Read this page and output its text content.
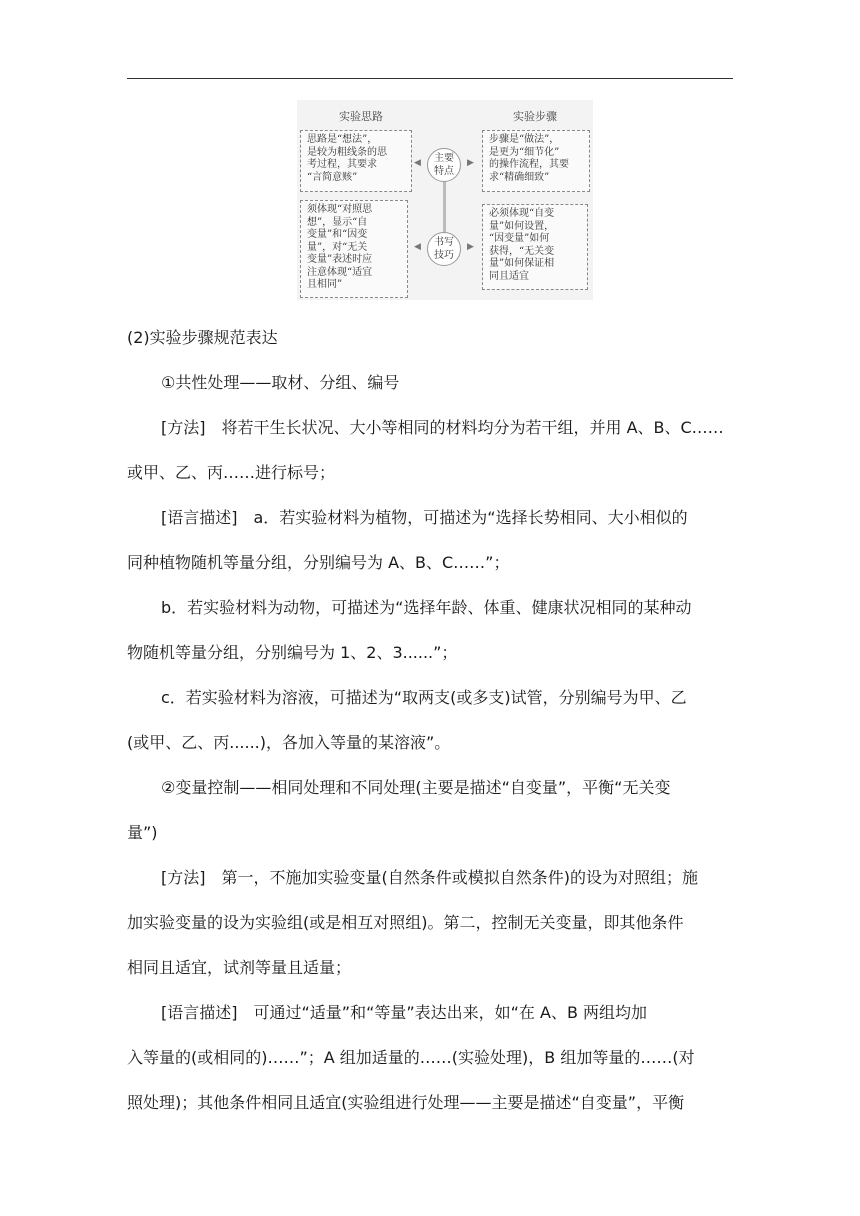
实验思路	实验步骤
思路是“想法”，
是较为粗线条的思
考过程，其要求
“言简意赅”
步骤是“做法”，
是更为“细节化”
的操作流程，其要
求“精确细致”
须体现“对照思
想”，显示“自
变量”和“因变
量”，对“无关
变量”表述时应
注意体现“适宜
且相同”
必须体现“自变
量”如何设置，
“因变量”如何
获得，“无关变
量”如何保证相
同且适宜
主要
特点
书写
技巧
◀	▶
◀	▶
(2)实验步骤规范表达
①共性处理——取材、分组、编号
[方法]　将若干生长状况、大小等相同的材料均分为若干组，并用 A、B、C……
或甲、乙、丙……进行标号；
[语言描述]　a．若实验材料为植物，可描述为“选择长势相同、大小相似的
同种植物随机等量分组，分别编号为 A、B、C……”；
b．若实验材料为动物，可描述为“选择年龄、体重、健康状况相同的某种动
物随机等量分组，分别编号为 1、2、3......”；
c．若实验材料为溶液，可描述为“取两支(或多支)试管，分别编号为甲、乙
(或甲、乙、丙......)，各加入等量的某溶液”。
②变量控制——相同处理和不同处理(主要是描述“自变量”，平衡“无关变
量”)
[方法]　第一，不施加实验变量(自然条件或模拟自然条件)的设为对照组；施
加实验变量的设为实验组(或是相互对照组)。第二，控制无关变量，即其他条件
相同且适宜，试剂等量且适量；
[语言描述]　可通过“适量”和“等量”表达出来，如“在 A、B 两组均加
入等量的(或相同的)……”；A 组加适量的……(实验处理)，B 组加等量的……(对
照处理)；其他条件相同且适宜(实验组进行处理——主要是描述“自变量”，平衡
